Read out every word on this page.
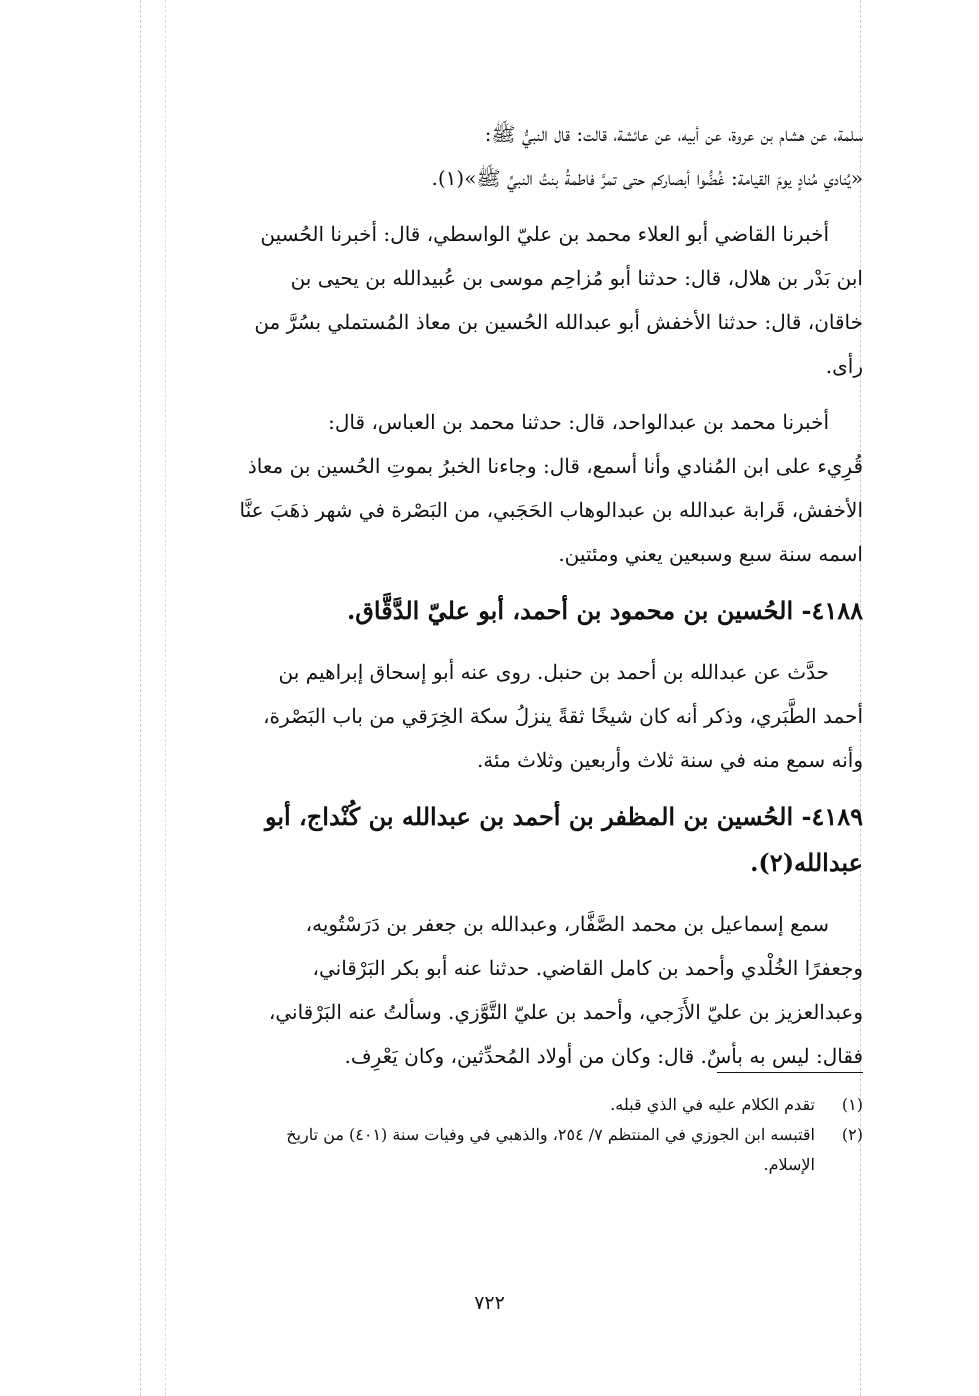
سلمة، عن هشام بن عروة، عن أبيه، عن عائشة، قالت: قال النبيُّ ﷺ:
«يُنادي مُنادٍ يومَ القيامة: غُضُّوا أبصاركم حتى تمرَّ فاطمةُ بنتُ النبيِّ ﷺ»(١).
أخبرنا القاضي أبو العلاء محمد بن عليّ الواسطي، قال: أخبرنا الحُسين
ابن بَدْر بن هلال، قال: حدثنا أبو مُزاحِم موسى بن عُبيدالله بن يحيى بن
خاقان، قال: حدثنا الأخفش أبو عبدالله الحُسين بن معاذ المُستملي بسُرَّ من
رأى.
أخبرنا محمد بن عبدالواحد، قال: حدثنا محمد بن العباس، قال:
قُرِيء على ابن المُنادي وأنا أسمع، قال: وجاءنا الخبرُ بموتِ الحُسين بن معاذ
الأخفش، قَرابة عبدالله بن عبدالوهاب الحَجَبي، من البَصْرة في شهر ذهَبَ عنَّا
اسمه سنة سبع وسبعين يعني ومئتين.
٤١٨٨- الحُسين بن محمود بن أحمد، أبو عليّ الدَّقَّاق.
حدَّث عن عبدالله بن أحمد بن حنبل. روى عنه أبو إسحاق إبراهيم بن
أحمد الطَّبَري، وذكر أنه كان شيخًا ثقةً ينزلُ سكة الخِرَقي من باب البَصْرة،
وأنه سمع منه في سنة ثلاث وأربعين وثلاث مئة.
٤١٨٩- الحُسين بن المظفر بن أحمد بن عبدالله بن كُنْداج، أبو
عبدالله(٢).
سمع إسماعيل بن محمد الصَّفَّار، وعبدالله بن جعفر بن دَرَسْتُويه،
وجعفرًا الخُلْدي وأحمد بن كامل القاضي. حدثنا عنه أبو بكر البَرْقاني،
وعبدالعزيز بن عليّ الأَزَجي، وأحمد بن عليّ التَّوَّزي. وسألتُ عنه البَرْقاني،
فقال: ليس به بأسٌ. قال: وكان من أولاد المُحدِّثين، وكان يَعْرِف.
(١)
تقدم الكلام عليه في الذي قبله.
(٢)
اقتبسه ابن الجوزي في المنتظم ٧/ ٢٥٤، والذهبي في وفيات سنة (٤٠١) من تاريخ
الإسلام.
٧٢٢
